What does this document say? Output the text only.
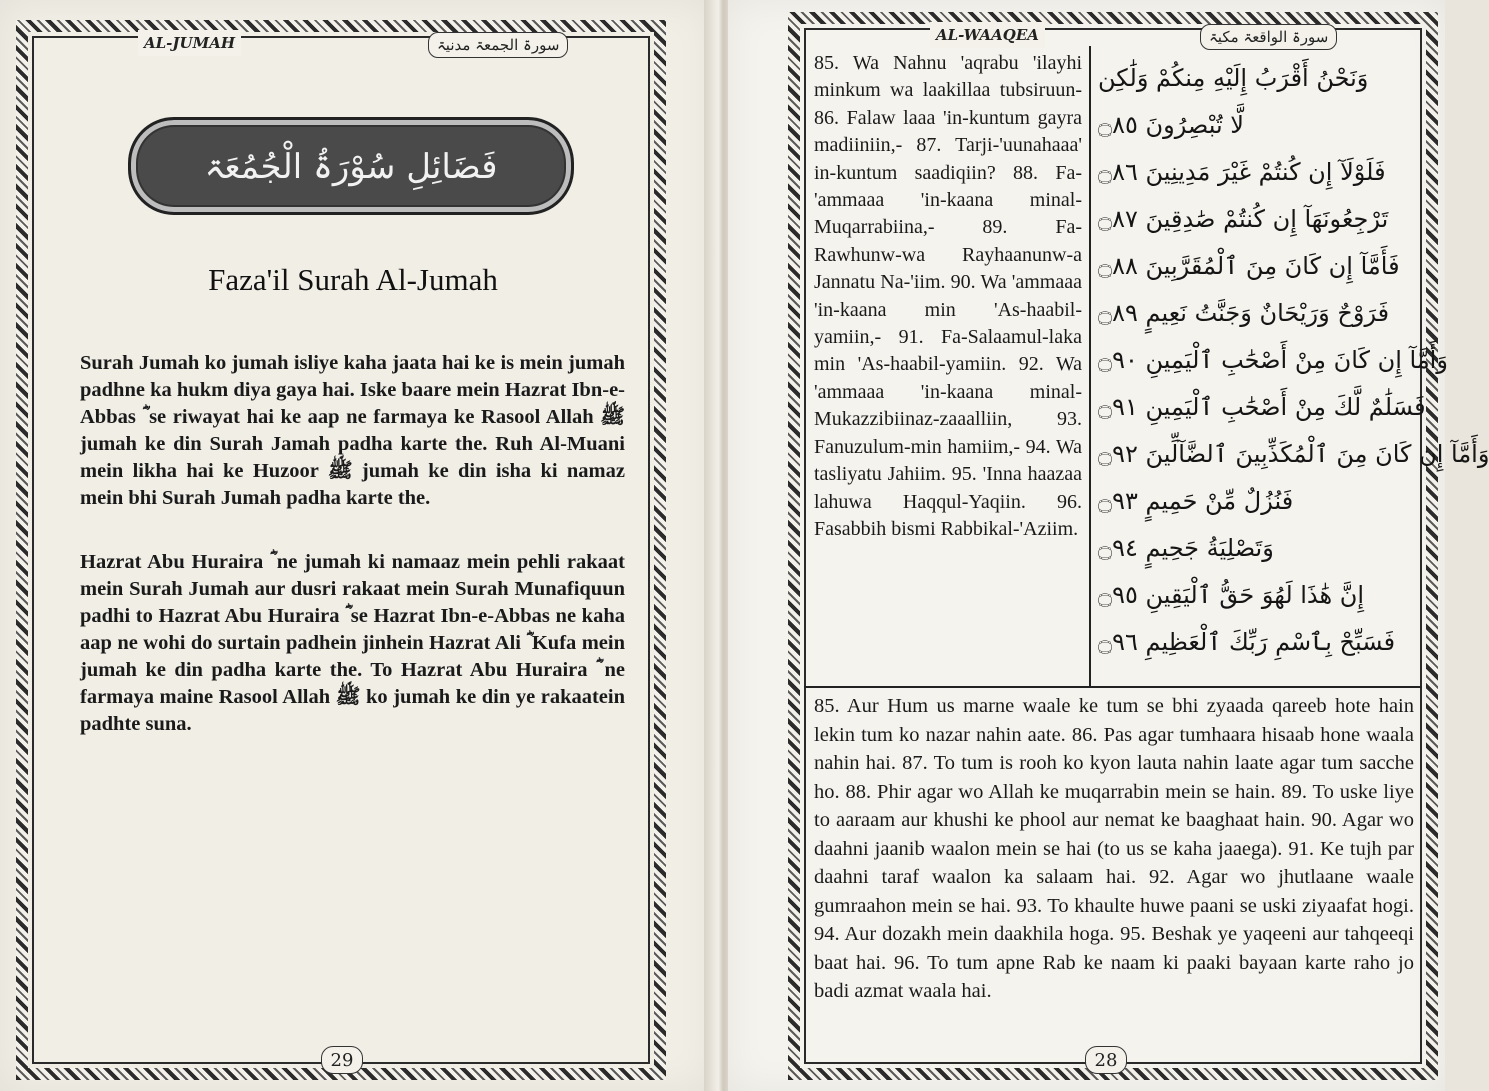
AL-JUMAH	سورۃ الجمعۃ مدنیۃ
فَضَائِلِ سُوْرَۃُ الْجُمُعَۃ
Faza'il Surah Al-Jumah
Surah Jumah ko jumah isliye kaha jaata hai ke is mein jumah padhne ka hukm diya gaya hai. Iske baare mein Hazrat Ibn-e-Abbas ؓ se riwayat hai ke aap ne farmaya ke Rasool Allah ﷺ jumah ke din Surah Jamah padha karte the. Ruh Al-Muani mein likha hai ke Huzoor ﷺ jumah ke din isha ki namaz mein bhi Surah Jumah padha karte the.
Hazrat Abu Huraira ؓ ne jumah ki namaaz mein pehli rakaat mein Surah Jumah aur dusri rakaat mein Surah Munafiquun padhi to Hazrat Abu Huraira ؓ se Hazrat Ibn-e-Abbas ne kaha aap ne wohi do surtain padhein jinhein Hazrat Ali ؓ Kufa mein jumah ke din padha karte the. To Hazrat Abu Huraira ؓ ne farmaya maine Rasool Allah ﷺ ko jumah ke din ye rakaatein padhte suna.
29
AL-WAAQEA	سورۃ الواقعۃ مکیۃ
85. Wa Nahnu 'aqrabu 'ilayhi minkum wa laakillaa tubsiruun- 86. Falaw laaa 'in-kuntum gayra madiiniin,- 87. Tarji-'uunahaaa' in-kuntum saadiqiin? 88. Fa-'ammaaa 'in-kaana minal-Muqarrabiina,- 89. Fa-Rawhunw-wa Rayhaanunw-a Jannatu Na-'iim. 90. Wa 'ammaaa 'in-kaana min 'As-haabil-yamiin,- 91. Fa-Salaamul-laka min 'As-haabil-yamiin. 92. Wa 'ammaaa 'in-kaana minal-Mukazzibiinaz-zaaalliin, 93. Fanuzulum-min hamiim,- 94. Wa tasliyatu Jahiim. 95. 'Inna haazaa lahuwa Haqqul-Yaqiin. 96. Fasabbih bismi Rabbikal-'Aziim.
وَنَحْنُ أَقْرَبُ إِلَيْهِ مِنكُمْ وَلَٰكِن
لَّا تُبْصِرُونَ ۝٨٥
فَلَوْلَآ إِن كُنتُمْ غَيْرَ مَدِينِينَ ۝٨٦
تَرْجِعُونَهَآ إِن كُنتُمْ صَٰدِقِينَ ۝٨٧
فَأَمَّآ إِن كَانَ مِنَ ٱلْمُقَرَّبِينَ ۝٨٨
فَرَوْحٌ وَرَيْحَانٌ وَجَنَّتُ نَعِيمٍ ۝٨٩
وَأَمَّآ إِن كَانَ مِنْ أَصْحَٰبِ ٱلْيَمِينِ ۝٩٠
فَسَلَٰمٌ لَّكَ مِنْ أَصْحَٰبِ ٱلْيَمِينِ ۝٩١
وَأَمَّآ إِن كَانَ مِنَ ٱلْمُكَذِّبِينَ ٱلضَّآلِّينَ ۝٩٢
فَنُزُلٌ مِّنْ حَمِيمٍ ۝٩٣
وَتَصْلِيَةُ جَحِيمٍ ۝٩٤
إِنَّ هَٰذَا لَهُوَ حَقُّ ٱلْيَقِينِ ۝٩٥
فَسَبِّحْ بِٱسْمِ رَبِّكَ ٱلْعَظِيمِ ۝٩٦
85. Aur Hum us marne waale ke tum se bhi zyaada qareeb hote hain lekin tum ko nazar nahin aate. 86. Pas agar tumhaara hisaab hone waala nahin hai. 87. To tum is rooh ko kyon lauta nahin laate agar tum sacche ho. 88. Phir agar wo Allah ke muqarrabin mein se hain. 89. To uske liye to aaraam aur khushi ke phool aur nemat ke baaghaat hain. 90. Agar wo daahni jaanib waalon mein se hai (to us se kaha jaaega). 91. Ke tujh par daahni taraf waalon ka salaam hai. 92. Agar wo jhutlaane waale gumraahon mein se hai. 93. To khaulte huwe paani se uski ziyaafat hogi. 94. Aur dozakh mein daakhila hoga. 95. Beshak ye yaqeeni aur tahqeeqi baat hai. 96. To tum apne Rab ke naam ki paaki bayaan karte raho jo badi azmat waala hai.
28
